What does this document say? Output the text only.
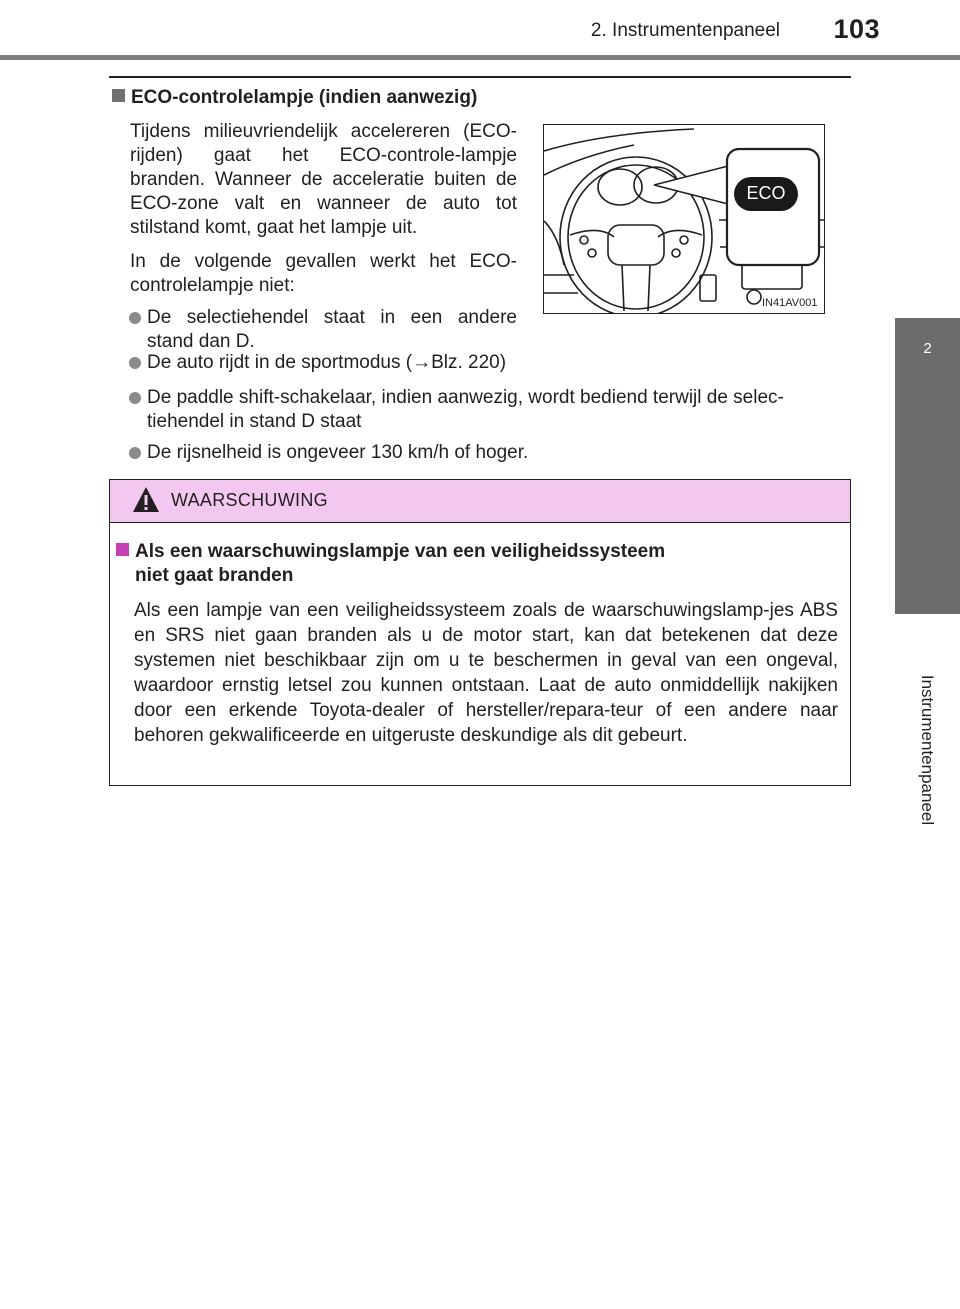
2. Instrumentenpaneel	103
2
Instrumentenpaneel
ECO-controlelampje (indien aanwezig)

Tijdens milieuvriendelijk accelereren (ECO-rijden) gaat het ECO-controle-lampje branden. Wanneer de acceleratie buiten de ECO-zone valt en wanneer de auto tot stilstand komt, gaat het lampje uit.

In de volgende gevallen werkt het ECO-controlelampje niet:

De selectiehendel staat in een andere stand dan D.

De auto rijdt in de sportmodus (→Blz. 220)

De paddle shift-schakelaar, indien aanwezig, wordt bediend terwijl de selec-tiehendel in stand D staat

De rijsnelheid is ongeveer 130 km/h of hoger.

ECO
IN41AV001
WAARSCHUWING
Als een waarschuwingslampje van een veiligheidssysteem
niet gaat branden

Als een lampje van een veiligheidssysteem zoals de waarschuwingslamp-jes ABS en SRS niet gaan branden als u de motor start, kan dat betekenen dat deze systemen niet beschikbaar zijn om u te beschermen in geval van een ongeval, waardoor ernstig letsel zou kunnen ontstaan. Laat de auto onmiddellijk nakijken door een erkende Toyota-dealer of hersteller/repara-teur of een andere naar behoren gekwalificeerde en uitgeruste deskundige als dit gebeurt.
